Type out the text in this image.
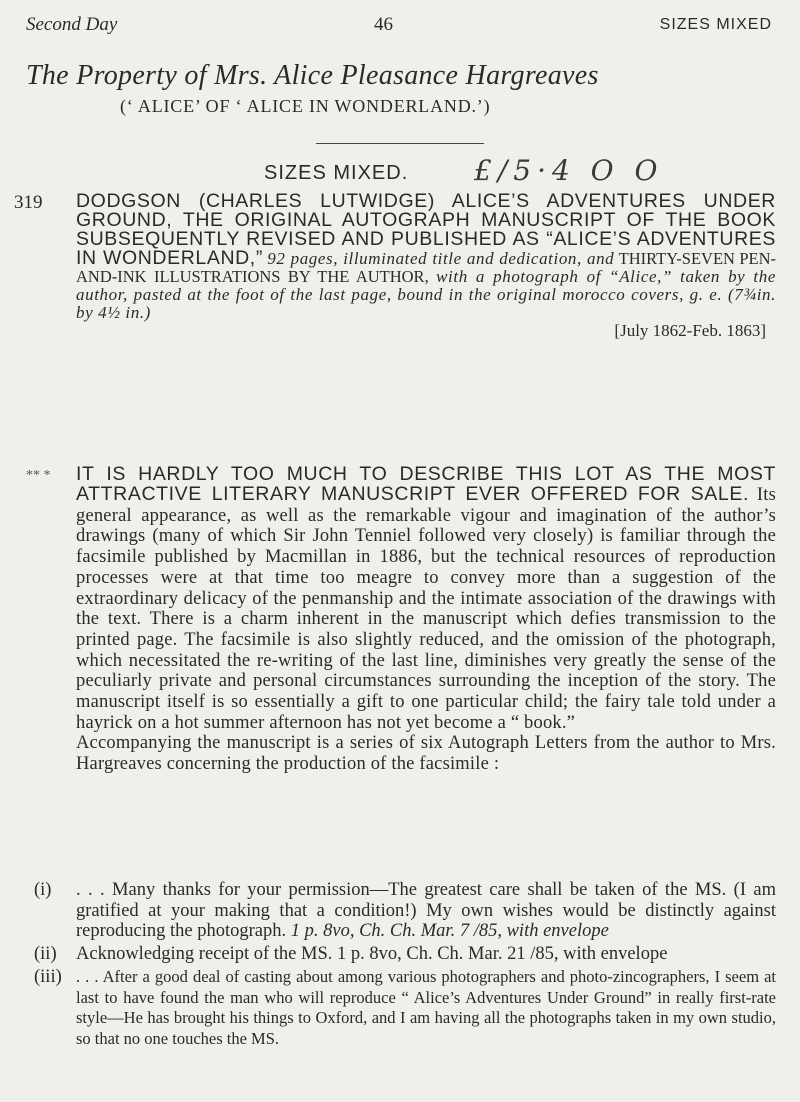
Second Day	46	SIZES MIXED
The Property of Mrs. Alice Pleasance Hargreaves
(‘ ALICE’ OF ‘ ALICE IN WONDERLAND.’)
SIZES MIXED. £/5·4 O O
319 DODGSON (CHARLES LUTWIDGE) ALICE’S ADVENTURES UNDER GROUND, THE ORIGINAL AUTOGRAPH MANUSCRIPT OF THE BOOK SUBSEQUENTLY REVISED AND PUBLISHED AS “ALICE’S ADVENTURES IN WONDERLAND,” 92 pages, illuminated title and dedication, and THIRTY-SEVEN PEN-AND-INK ILLUSTRATIONS BY THE AUTHOR, with a photograph of “Alice,” taken by the author, pasted at the foot of the last page, bound in the original morocco covers, g. e. (7¾in. by 4½ in.)
[July 1862-Feb. 1863]
** * IT IS HARDLY TOO MUCH TO DESCRIBE THIS LOT AS THE MOST ATTRACTIVE LITERARY MANUSCRIPT EVER OFFERED FOR SALE. Its general appearance, as well as the remarkable vigour and imagination of the author’s drawings (many of which Sir John Tenniel followed very closely) is familiar through the facsimile published by Macmillan in 1886, but the technical resources of reproduction processes were at that time too meagre to convey more than a suggestion of the extraordinary delicacy of the penmanship and the intimate association of the drawings with the text. There is a charm inherent in the manuscript which defies transmission to the printed page. The facsimile is also slightly reduced, and the omission of the photograph, which necessitated the re-writing of the last line, diminishes very greatly the sense of the peculiarly private and personal circumstances surrounding the inception of the story. The manuscript itself is so essentially a gift to one particular child; the fairy tale told under a hayrick on a hot summer afternoon has not yet become a “ book.”
Accompanying the manuscript is a series of six Autograph Letters from the author to Mrs. Hargreaves concerning the production of the facsimile :
(i)	. . . Many thanks for your permission—The greatest care shall be taken of the MS. (I am gratified at your making that a condition!) My own wishes would be distinctly against reproducing the photograph. 1 p. 8vo, Ch. Ch. Mar. 7 /85, with envelope
(ii)	Acknowledging receipt of the MS. 1 p. 8vo, Ch. Ch. Mar. 21 /85, with envelope
(iii) . . . After a good deal of casting about among various photographers and photo-zincographers, I seem at last to have found the man who will reproduce “ Alice’s Adventures Under Ground” in really first-rate style—He has brought his things to Oxford, and I am having all the photographs taken in my own studio, so that no one touches the MS.
